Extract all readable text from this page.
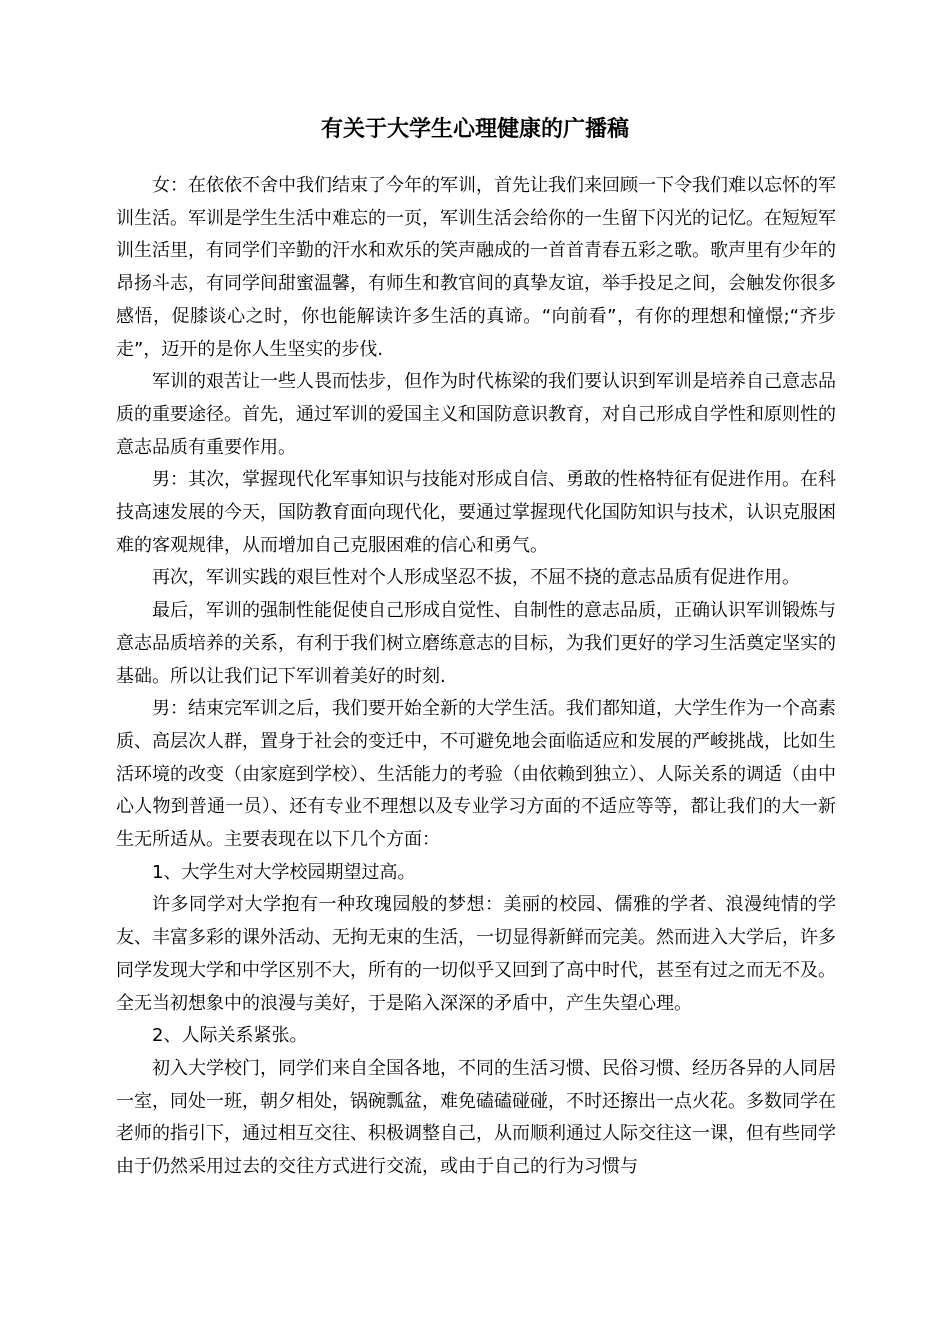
有关于大学生心理健康的广播稿

女：在依依不舍中我们结束了今年的军训，首先让我们来回顾一下令我们难以忘怀的军训生活。军训是学生生活中难忘的一页，军训生活会给你的一生留下闪光的记忆。在短短军训生活里，有同学们辛勤的汗水和欢乐的笑声融成的一首首青春五彩之歌。歌声里有少年的昂扬斗志，有同学间甜蜜温馨，有师生和教官间的真挚友谊，举手投足之间，会触发你很多感悟，促膝谈心之时，你也能解读许多生活的真谛。“向前看”，有你的理想和憧憬;“齐步走”，迈开的是你人生坚实的步伐.

军训的艰苦让一些人畏而怯步，但作为时代栋梁的我们要认识到军训是培养自己意志品质的重要途径。首先，通过军训的爱国主义和国防意识教育，对自己形成自学性和原则性的意志品质有重要作用。

男：其次，掌握现代化军事知识与技能对形成自信、勇敢的性格特征有促进作用。在科技高速发展的今天，国防教育面向现代化，要通过掌握现代化国防知识与技术，认识克服困难的客观规律，从而增加自己克服困难的信心和勇气。

再次，军训实践的艰巨性对个人形成坚忍不拔，不屈不挠的意志品质有促进作用。

最后，军训的强制性能促使自己形成自觉性、自制性的意志品质，正确认识军训锻炼与意志品质培养的关系，有利于我们树立磨练意志的目标，为我们更好的学习生活奠定坚实的基础。所以让我们记下军训着美好的时刻.

男：结束完军训之后，我们要开始全新的大学生活。我们都知道，大学生作为一个高素质、高层次人群，置身于社会的变迁中，不可避免地会面临适应和发展的严峻挑战，比如生活环境的改变（由家庭到学校）、生活能力的考验（由依赖到独立）、人际关系的调适（由中心人物到普通一员）、还有专业不理想以及专业学习方面的不适应等等，都让我们的大一新生无所适从。主要表现在以下几个方面：

1、大学生对大学校园期望过高。

许多同学对大学抱有一种玫瑰园般的梦想：美丽的校园、儒雅的学者、浪漫纯情的学友、丰富多彩的课外活动、无拘无束的生活，一切显得新鲜而完美。然而进入大学后，许多同学发现大学和中学区别不大，所有的一切似乎又回到了高中时代，甚至有过之而无不及。全无当初想象中的浪漫与美好，于是陷入深深的矛盾中，产生失望心理。

2、人际关系紧张。

初入大学校门，同学们来自全国各地，不同的生活习惯、民俗习惯、经历各异的人同居一室，同处一班，朝夕相处，锅碗瓢盆，难免磕磕碰碰，不时还擦出一点火花。多数同学在老师的指引下，通过相互交往、积极调整自己，从而顺利通过人际交往这一课，但有些同学由于仍然采用过去的交往方式进行交流，或由于自己的行为习惯与
